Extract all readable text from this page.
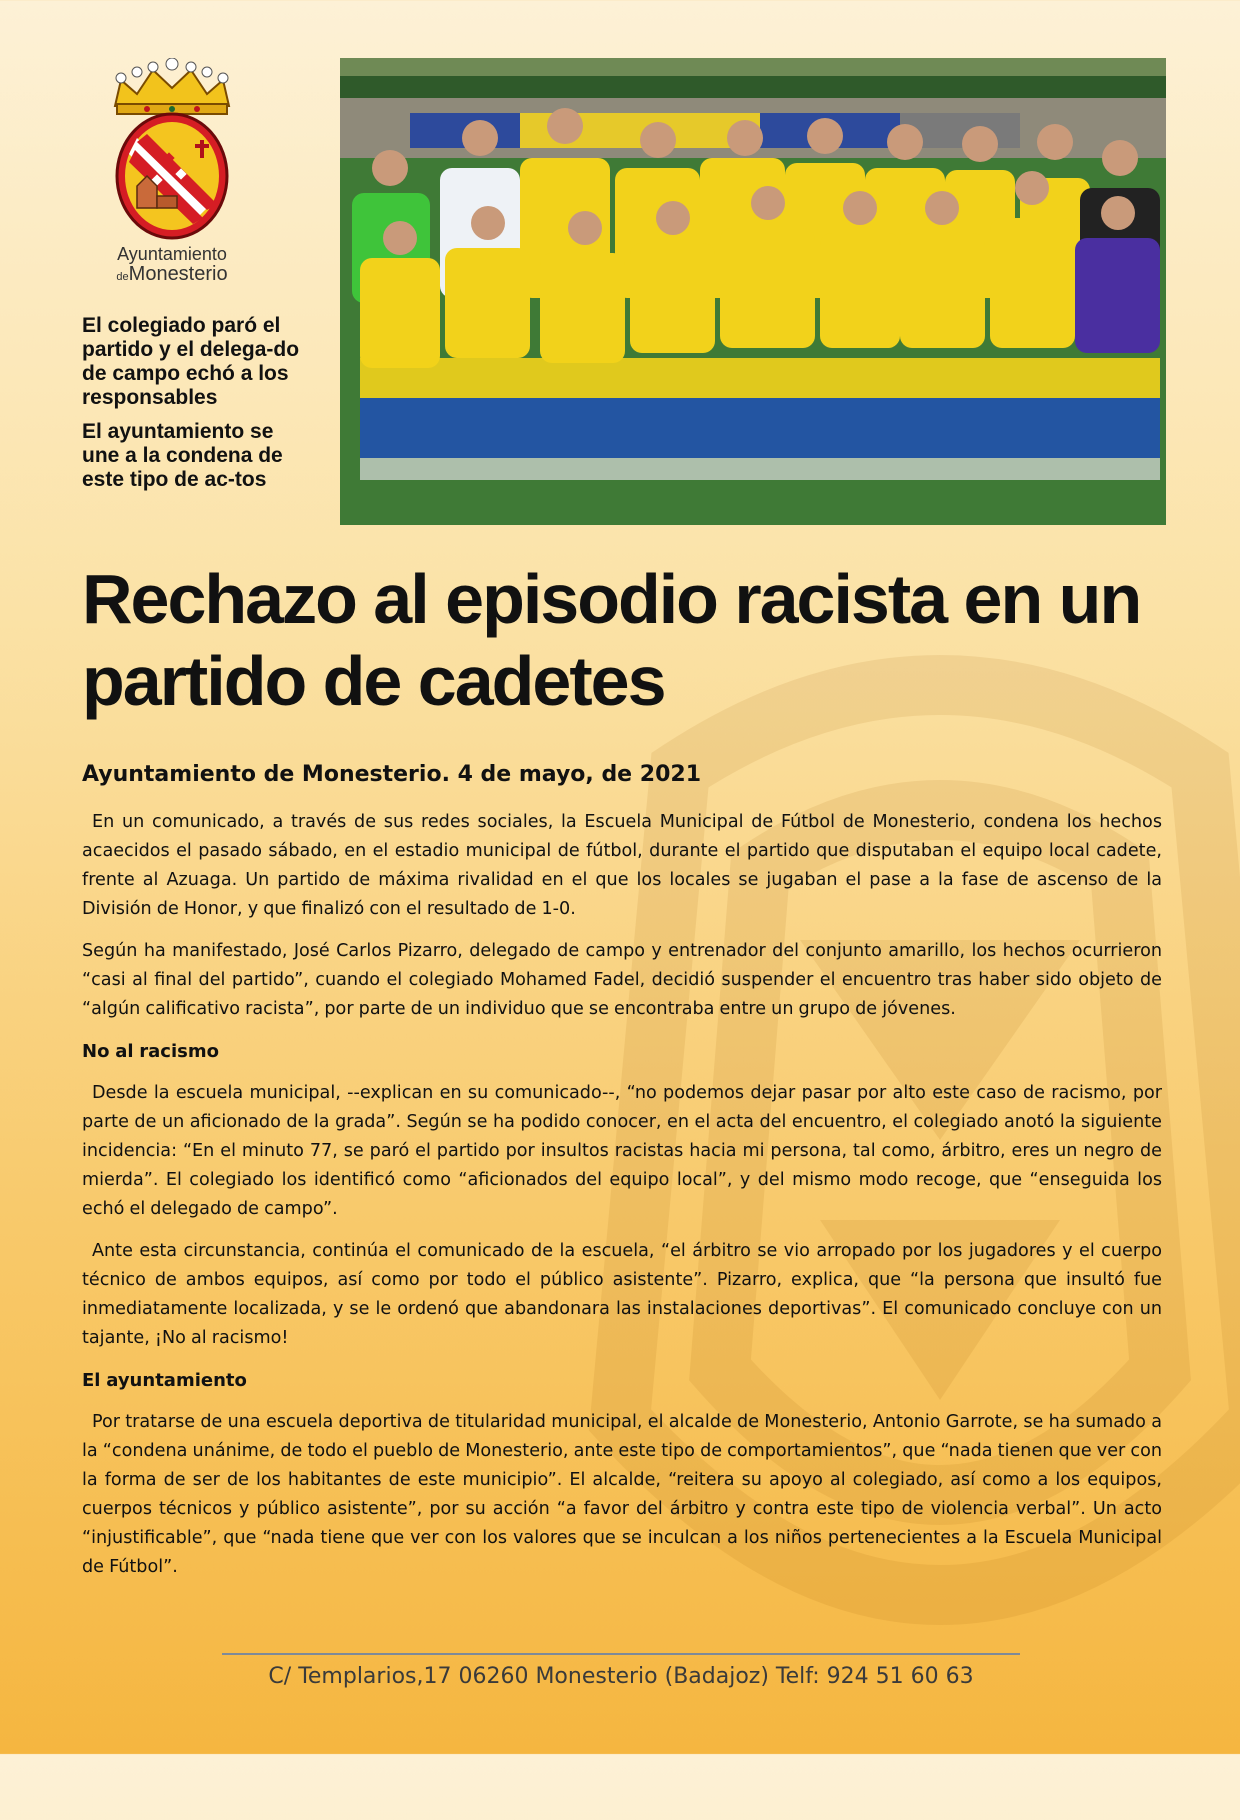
Ayuntamiento
deMonesterio

El colegiado paró el partido y el delega-do de campo echó a los responsables

El ayuntamiento se une a la condena de este tipo de ac-tos

Rechazo al episodio racista en un partido de cadetes
Ayuntamiento de Monesterio. 4 de mayo, de 2021

En un comunicado, a través de sus redes sociales, la Escuela Municipal de Fútbol de Monesterio, condena los hechos acaecidos el pasado sábado, en el estadio municipal de fútbol, durante el partido que disputaban el equipo local cadete, frente al Azuaga. Un partido de máxima rivalidad en el que los locales se jugaban el pase a la fase de ascenso de la División de Honor, y que finalizó con el resultado de 1-0.

Según ha manifestado, José Carlos Pizarro, delegado de campo y entrenador del conjunto amarillo, los hechos ocurrieron “casi al final del partido”, cuando el colegiado Mohamed Fadel, decidió suspender el encuentro tras haber sido objeto de “algún calificativo racista”, por parte de un individuo que se encontraba entre un grupo de jóvenes.

No al racismo

Desde la escuela municipal, --explican en su comunicado--, “no podemos dejar pasar por alto este caso de racismo, por parte de un aficionado de la grada”. Según se ha podido conocer, en el acta del encuentro, el colegiado anotó la siguiente incidencia: “En el minuto 77, se paró el partido por insultos racistas hacia mi persona, tal como, árbitro, eres un negro de mierda”. El colegiado los identificó como “aficionados del equipo local”, y del mismo modo recoge, que “enseguida los echó el delegado de campo”.

Ante esta circunstancia, continúa el comunicado de la escuela, “el árbitro se vio arropado por los jugadores y el cuerpo técnico de ambos equipos, así como por todo el público asistente”. Pizarro, explica, que “la persona que insultó fue inmediatamente localizada, y se le ordenó que abandonara las instalaciones deportivas”. El comunicado concluye con un tajante, ¡No al racismo!

El ayuntamiento

Por tratarse de una escuela deportiva de titularidad municipal, el alcalde de Monesterio, Antonio Garrote, se ha sumado a la “condena unánime, de todo el pueblo de Monesterio, ante este tipo de comportamientos”, que “nada tienen que ver con la forma de ser de los habitantes de este municipio”. El alcalde, “reitera su apoyo al colegiado, así como a los equipos, cuerpos técnicos y público asistente”, por su acción “a favor del árbitro y contra este tipo de violencia verbal”. Un acto “injustificable”, que “nada tiene que ver con los valores que se inculcan a los niños pertenecientes a la Escuela Municipal de Fútbol”.

C/ Templarios,17 06260 Monesterio (Badajoz) Telf: 924 51 60 63
